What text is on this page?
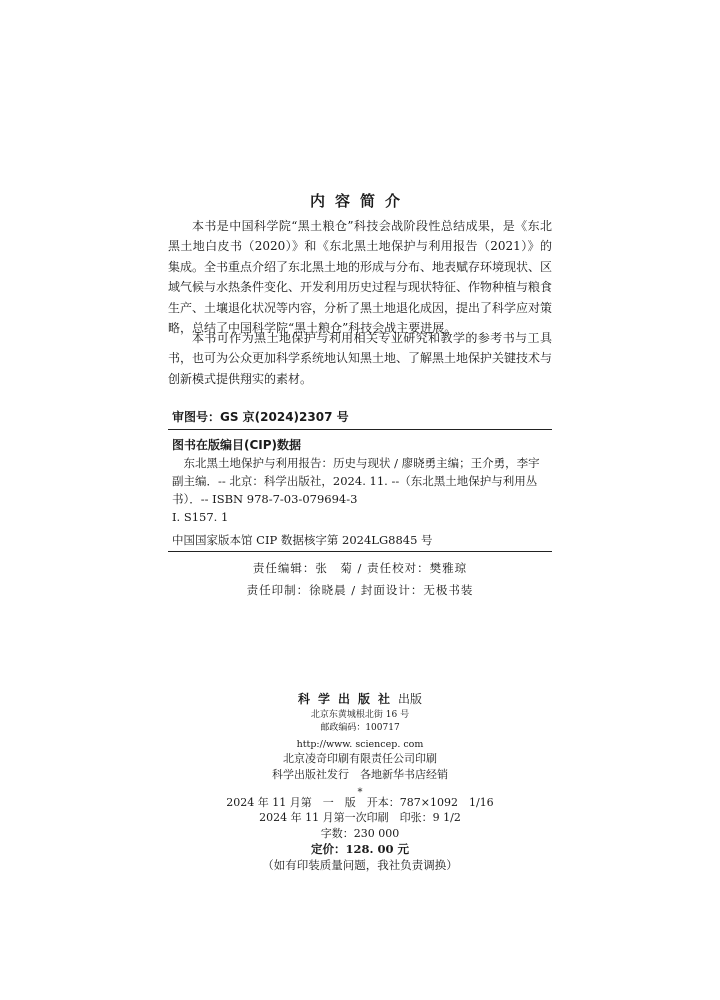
内容简介

本书是中国科学院“黑土粮仓”科技会战阶段性总结成果，是《东北黑土地白皮书（2020）》和《东北黑土地保护与利用报告（2021）》的集成。全书重点介绍了东北黑土地的形成与分布、地表赋存环境现状、区域气候与水热条件变化、开发利用历史过程与现状特征、作物种植与粮食生产、土壤退化状况等内容，分析了黑土地退化成因，提出了科学应对策略，总结了中国科学院“黑土粮仓”科技会战主要进展。

本书可作为黑土地保护与利用相关专业研究和教学的参考书与工具书，也可为公众更加科学系统地认知黑土地、了解黑土地保护关键技术与创新模式提供翔实的素材。

审图号：GS 京(2024)2307 号
图书在版编目(CIP)数据

东北黑土地保护与利用报告：历史与现状 / 廖晓勇主编；王介勇，李宇副主编．-- 北京：科学出版社，2024. 11. --（东北黑土地保护与利用丛书）．-- ISBN 978-7-03-079694-3

Ⅰ. S157. 1
中国国家版本馆 CIP 数据核字第 2024LG8845 号
责任编辑：张　菊 / 责任校对：樊雅琼
责任印制：徐晓晨 / 封面设计：无极书装
科学出版社出版
北京东黄城根北街 16 号
邮政编码：100717
http://www. sciencep. com
北京凌奇印刷有限责任公司印刷
科学出版社发行　各地新华书店经销
*
2024 年 11 月第　一　版　开本：787×1092　1/16
2024 年 11 月第一次印刷　印张：9 1/2
字数：230 000
定价：128. 00 元
（如有印装质量问题，我社负责调换）
